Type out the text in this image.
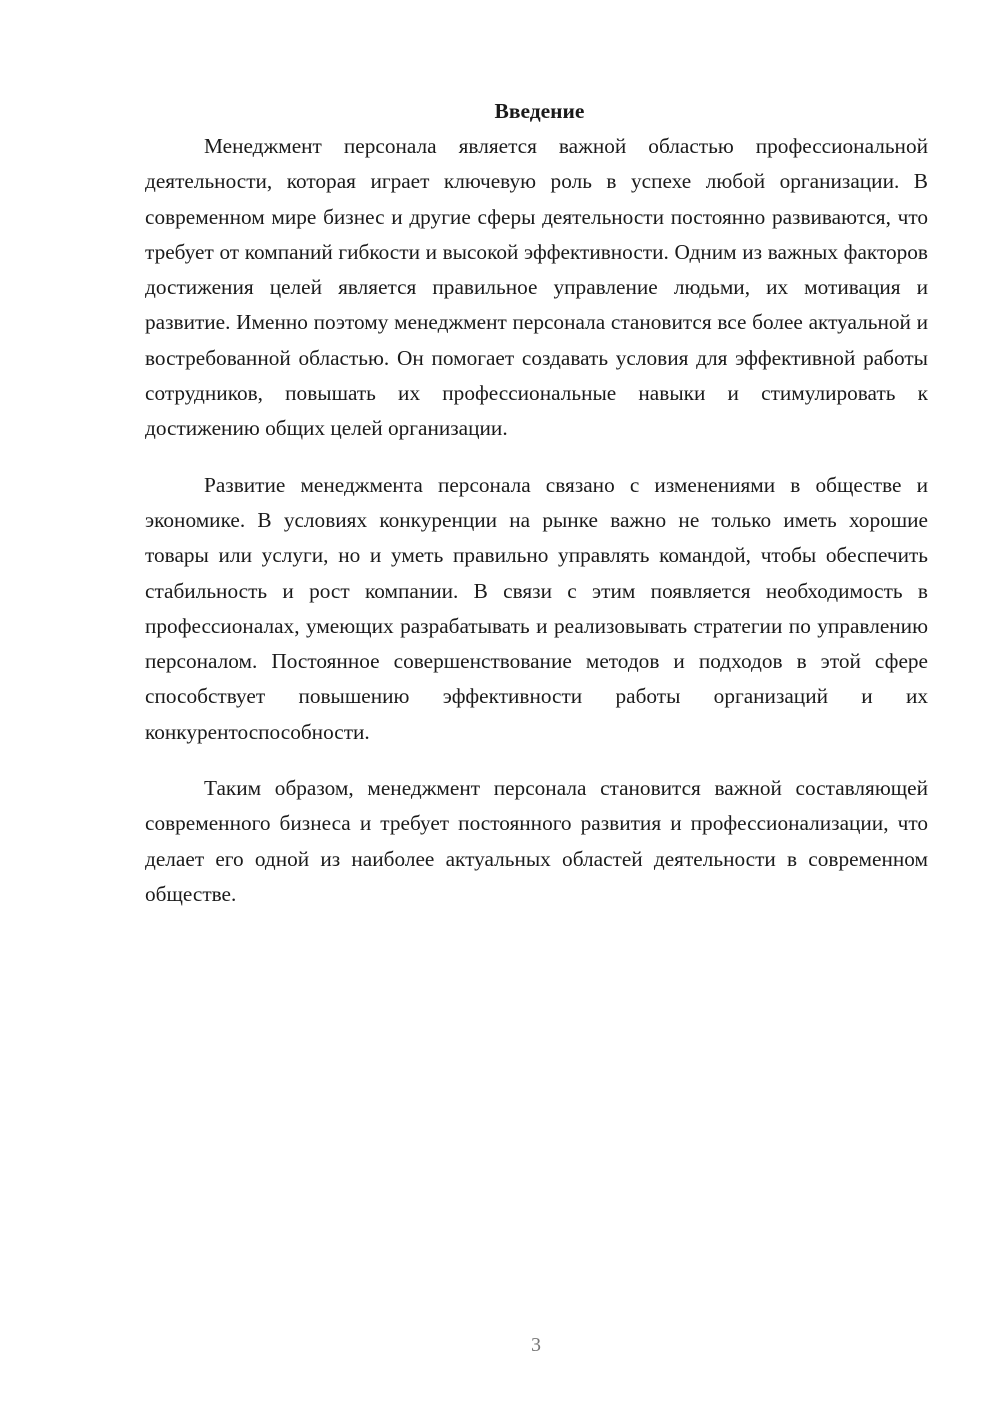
Введение

Менеджмент персонала является важной областью профессиональной деятельности, которая играет ключевую роль в успехе любой организации. В современном мире бизнес и другие сферы деятельности постоянно развиваются, что требует от компаний гибкости и высокой эффективности. Одним из важных факторов достижения целей является правильное управление людьми, их мотивация и развитие. Именно поэтому менеджмент персонала становится все более актуальной и востребованной областью. Он помогает создавать условия для эффективной работы сотрудников, повышать их профессиональные навыки и стимулировать к достижению общих целей организации.

Развитие менеджмента персонала связано с изменениями в обществе и экономике. В условиях конкуренции на рынке важно не только иметь хорошие товары или услуги, но и уметь правильно управлять командой, чтобы обеспечить стабильность и рост компании. В связи с этим появляется необходимость в профессионалах, умеющих разрабатывать и реализовывать стратегии по управлению персоналом. Постоянное совершенствование методов и подходов в этой сфере способствует повышению эффективности работы организаций и их конкурентоспособности.

Таким образом, менеджмент персонала становится важной составляющей современного бизнеса и требует постоянного развития и профессионализации, что делает его одной из наиболее актуальных областей деятельности в современном обществе.

3
